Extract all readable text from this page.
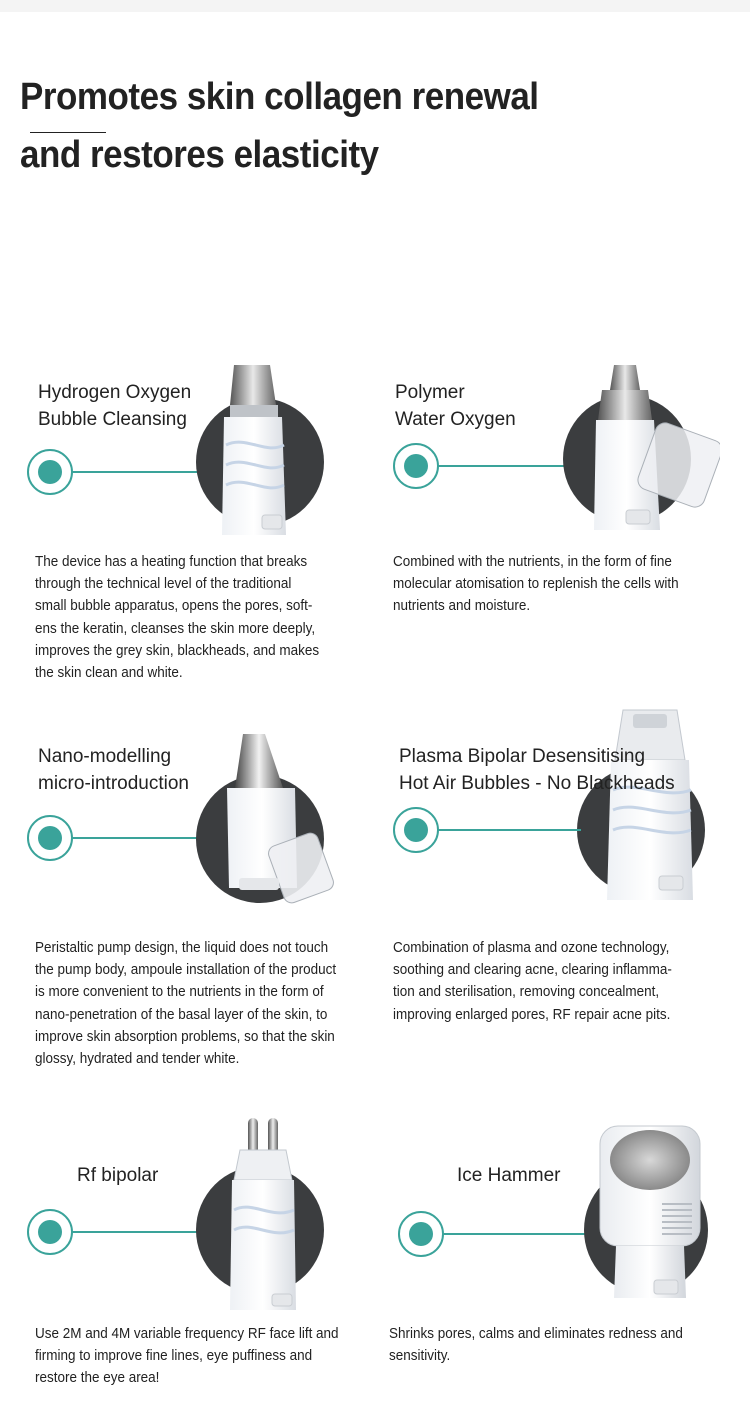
Promotes skin collagen renewal
and restores elasticity
Hydrogen Oxygen
Bubble Cleansing
The device has a heating function that breaks
through the technical level of the traditional
small bubble apparatus, opens the pores, soft-
ens the keratin, cleanses the skin more deeply,
improves the grey skin, blackheads, and makes
the skin clean and white.
Polymer
Water Oxygen
Combined with the nutrients, in the form of fine
molecular atomisation to replenish the cells with
nutrients and moisture.
Nano-modelling
micro-introduction
Peristaltic pump design, the liquid does not touch
the pump body, ampoule installation of the product
is more convenient to the nutrients in the form of
nano-penetration of the basal layer of the skin, to
improve skin absorption problems, so that the skin
glossy, hydrated and tender white.
Plasma Bipolar Desensitising
Hot Air Bubbles - No Blackheads
Combination of plasma and ozone technology,
soothing and clearing acne, clearing inflamma-
tion and sterilisation, removing concealment,
improving enlarged pores, RF repair acne pits.
Rf bipolar
Use 2M and 4M variable frequency RF face lift and
firming to improve fine lines, eye puffiness and
restore the eye area!
Ice Hammer
Shrinks pores, calms and eliminates redness and
sensitivity.
